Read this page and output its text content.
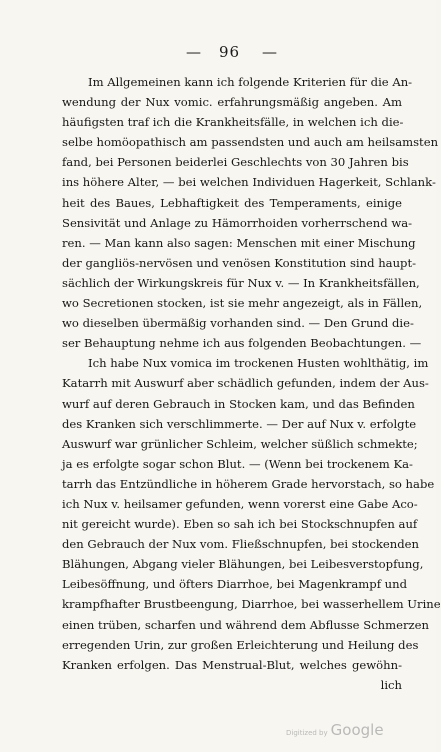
— 96 —
Im Allgemeinen kann ich folgende Kriterien für die An-
wendung der Nux vomic. erfahrungsmäßig angeben. Am
häufigsten traf ich die Krankheitsfälle, in welchen ich die-
selbe homöopathisch am passendsten und auch am heilsamsten
fand, bei Personen beiderlei Geschlechts von 30 Jahren bis
ins höhere Alter, — bei welchen Individuen Hagerkeit, Schlank-
heit des Baues, Lebhaftigkeit des Temperaments, einige
Sensivität und Anlage zu Hämorrhoiden vorherrschend wa-
ren. — Man kann also sagen: Menschen mit einer Mischung
der gangliös-nervösen und venösen Konstitution sind haupt-
sächlich der Wirkungskreis für Nux v. — In Krankheitsfällen,
wo Secretionen stocken, ist sie mehr angezeigt, als in Fällen,
wo dieselben übermäßig vorhanden sind. — Den Grund die-
ser Behauptung nehme ich aus folgenden Beobachtungen. —
Ich habe Nux vomica im trockenen Husten wohlthätig, im
Katarrh mit Auswurf aber schädlich gefunden, indem der Aus-
wurf auf deren Gebrauch in Stocken kam, und das Befinden
des Kranken sich verschlimmerte. — Der auf Nux v. erfolgte
Auswurf war grünlicher Schleim, welcher süßlich schmekte;
ja es erfolgte sogar schon Blut. — (Wenn bei trockenem Ka-
tarrh das Entzündliche in höherem Grade hervorstach, so habe
ich Nux v. heilsamer gefunden, wenn vorerst eine Gabe Aco-
nit gereicht wurde). Eben so sah ich bei Stockschnupfen auf
den Gebrauch der Nux vom. Fließschnupfen, bei stockenden
Blähungen, Abgang vieler Blähungen, bei Leibesverstopfung,
Leibesöffnung, und öfters Diarrhoe, bei Magenkrampf und
krampfhafter Brustbeengung, Diarrhoe, bei wasserhellem Urine
einen trüben, scharfen und während dem Abflusse Schmerzen
erregenden Urin, zur großen Erleichterung und Heilung des
Kranken erfolgen. Das Menstrual-Blut, welches gewöhn-
lich
Digitized by Google
